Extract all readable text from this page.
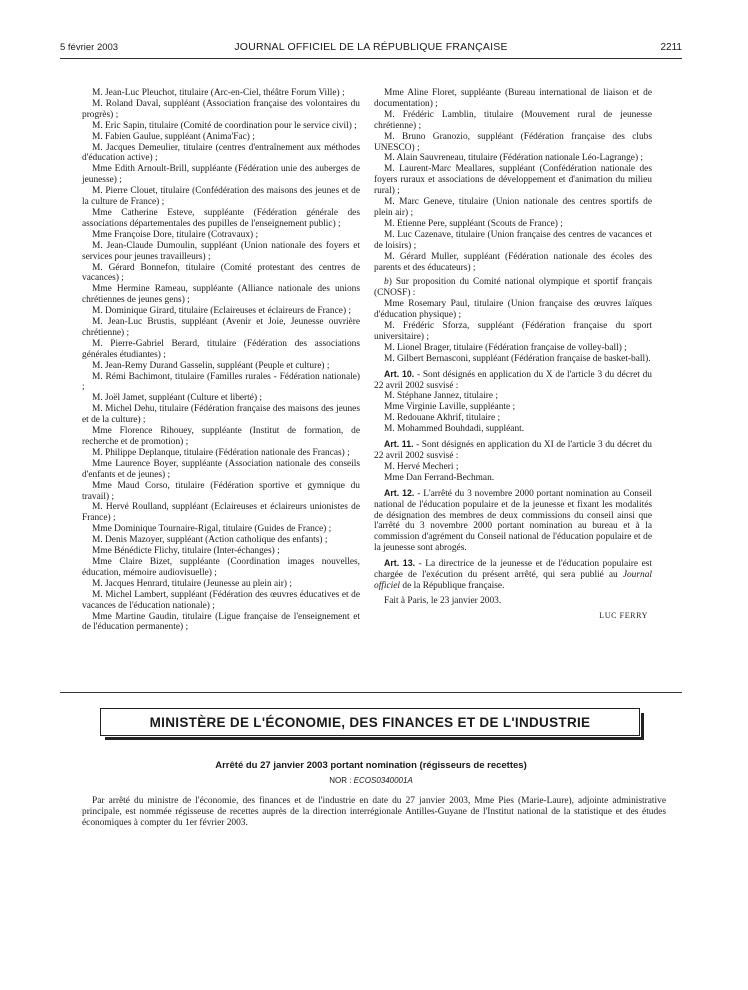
5 février 2003	JOURNAL OFFICIEL DE LA RÉPUBLIQUE FRANÇAISE	2211

M. Jean-Luc Pleuchot, titulaire (Arc-en-Ciel, théâtre Forum Ville) ;

M. Roland Daval, suppléant (Association française des volontaires du progrès) ;

M. Eric Sapin, titulaire (Comité de coordination pour le service civil) ;

M. Fabien Gaulue, suppléant (Anima'Fac) ;

M. Jacques Demeulier, titulaire (centres d'entraînement aux méthodes d'éducation active) ;

Mme Edith Arnoult-Brill, suppléante (Fédération unie des auberges de jeunesse) ;

M. Pierre Clouet, titulaire (Confédération des maisons des jeunes et de la culture de France) ;

Mme Catherine Esteve, suppléante (Fédération générale des associations départementales des pupilles de l'enseignement public) ;

Mme Françoise Dore, titulaire (Cotravaux) ;

M. Jean-Claude Dumoulin, suppléant (Union nationale des foyers et services pour jeunes travailleurs) ;

M. Gérard Bonnefon, titulaire (Comité protestant des centres de vacances) ;

Mme Hermine Rameau, suppléante (Alliance nationale des unions chrétiennes de jeunes gens) ;

M. Dominique Girard, titulaire (Eclaireuses et éclaireurs de France) ;

M. Jean-Luc Brustis, suppléant (Avenir et Joie, Jeunesse ouvrière chrétienne) ;

M. Pierre-Gabriel Berard, titulaire (Fédération des associations générales étudiantes) ;

M. Jean-Remy Durand Gasselin, suppléant (Peuple et culture) ;

M. Rémi Bachimont, titulaire (Familles rurales - Fédération nationale) ;

M. Joël Jamet, suppléant (Culture et liberté) ;

M. Michel Dehu, titulaire (Fédération française des maisons des jeunes et de la culture) ;

Mme Florence Rihouey, suppléante (Institut de formation, de recherche et de promotion) ;

M. Philippe Deplanque, titulaire (Fédération nationale des Francas) ;

Mme Laurence Boyer, suppléante (Association nationale des conseils d'enfants et de jeunes) ;

Mme Maud Corso, titulaire (Fédération sportive et gymnique du travail) ;

M. Hervé Roulland, suppléant (Eclaireuses et éclaireurs unionistes de France) ;

Mme Dominique Tournaire-Rigal, titulaire (Guides de France) ;

M. Denis Mazoyer, suppléant (Action catholique des enfants) ;

Mme Bénédicte Flichy, titulaire (Inter-échanges) ;

Mme Claire Bizet, suppléante (Coordination images nouvelles, éducation, mémoire audiovisuelle) ;

M. Jacques Henrard, titulaire (Jeunesse au plein air) ;

M. Michel Lambert, suppléant (Fédération des œuvres éducatives et de vacances de l'éducation nationale) ;

Mme Martine Gaudin, titulaire (Ligue française de l'enseignement et de l'éducation permanente) ;

Mme Aline Floret, suppléante (Bureau international de liaison et de documentation) ;

M. Frédéric Lamblin, titulaire (Mouvement rural de jeunesse chrétienne) ;

M. Bruno Granozio, suppléant (Fédération française des clubs UNESCO) ;

M. Alain Sauvreneau, titulaire (Fédération nationale Léo-Lagrange) ;

M. Laurent-Marc Meallares, suppléant (Confédération nationale des foyers ruraux et associations de développement et d'animation du milieu rural) ;

M. Marc Geneve, titulaire (Union nationale des centres sportifs de plein air) ;

M. Etienne Pere, suppléant (Scouts de France) ;

M. Luc Cazenave, titulaire (Union française des centres de vacances et de loisirs) ;

M. Gérard Muller, suppléant (Fédération nationale des écoles des parents et des éducateurs) ;

b) Sur proposition du Comité national olympique et sportif français (CNOSF) :

Mme Rosemary Paul, titulaire (Union française des œuvres laïques d'éducation physique) ;

M. Frédéric Sforza, suppléant (Fédération française du sport universitaire) ;

M. Lionel Brager, titulaire (Fédération française de volley-ball) ;

M. Gilbert Bernasconi, suppléant (Fédération française de basket-ball).

Art. 10. - Sont désignés en application du X de l'article 3 du décret du 22 avril 2002 susvisé :

M. Stéphane Jannez, titulaire ;

Mme Virginie Laville, suppléante ;

M. Redouane Akhrif, titulaire ;

M. Mohammed Bouhdadi, suppléant.

Art. 11. - Sont désignés en application du XI de l'article 3 du décret du 22 avril 2002 susvisé :

M. Hervé Mecheri ;

Mme Dan Ferrand-Bechman.

Art. 12. - L'arrêté du 3 novembre 2000 portant nomination au Conseil national de l'éducation populaire et de la jeunesse et fixant les modalités de désignation des membres de deux commissions du conseil ainsi que l'arrêté du 3 novembre 2000 portant nomination au bureau et à la commission d'agrément du Conseil national de l'éducation populaire et de la jeunesse sont abrogés.

Art. 13. - La directrice de la jeunesse et de l'éducation populaire est chargée de l'exécution du présent arrêté, qui sera publié au Journal officiel de la République française.

Fait à Paris, le 23 janvier 2003.

LUC FERRY

MINISTÈRE DE L'ÉCONOMIE, DES FINANCES ET DE L'INDUSTRIE
Arrêté du 27 janvier 2003 portant nomination (régisseurs de recettes)
NOR : ECOS0340001A
Par arrêté du ministre de l'économie, des finances et de l'industrie en date du 27 janvier 2003, Mme Pies (Marie-Laure), adjointe administrative principale, est nommée régisseuse de recettes auprès de la direction interrégionale Antilles-Guyane de l'Institut national de la statistique et des études économiques à compter du 1er février 2003.
